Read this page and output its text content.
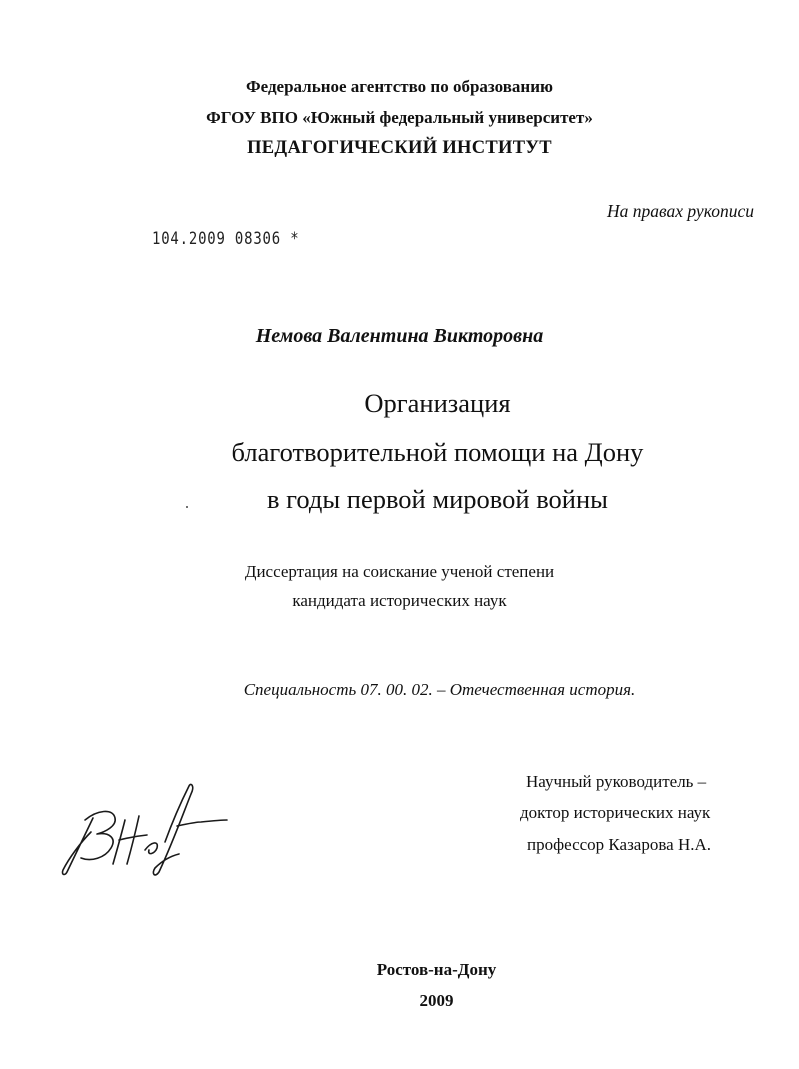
Федеральное агентство по образованию
ФГОУ ВПО «Южный федеральный университет»
ПЕДАГОГИЧЕСКИЙ ИНСТИТУТ
На правах рукописи
104.2009 08306 *
Немова Валентина Викторовна
Организация
благотворительной помощи на Дону
в годы первой мировой войны
Диссертация на соискание ученой степени
кандидата исторических наук
Специальность 07. 00. 02. – Отечественная история.
Научный руководитель –
доктор исторических наук
профессор Казарова Н.А.
Ростов-на-Дону
2009
